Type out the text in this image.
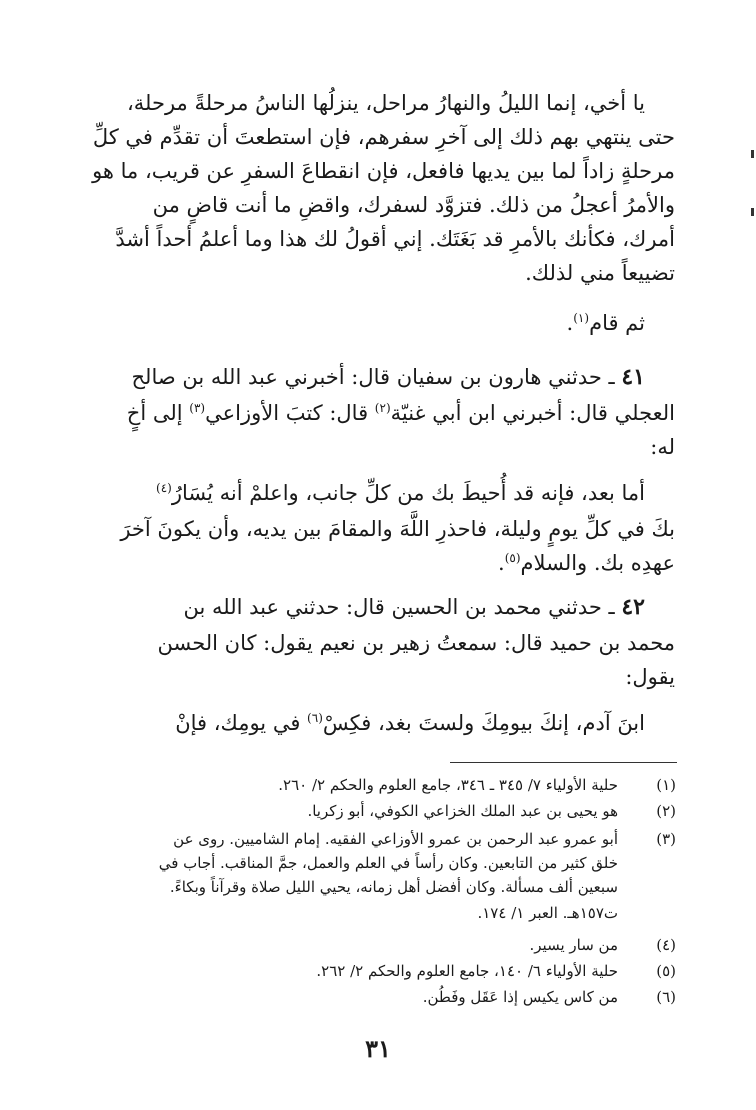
يا أخي، إنما الليلُ والنهارُ مراحل، ينزلُها الناسُ مرحلةً مرحلة،
حتى ينتهي بهم ذلك إلى آخرِ سفرهم، فإن استطعتَ أن تقدِّم في كلِّ
مرحلةٍ زاداً لما بين يديها فافعل، فإن انقطاعَ السفرِ عن قريب، ما هو
والأمرُ أعجلُ من ذلك. فتزوَّد لسفرك، واقضِ ما أنت قاضٍ من
أمرك، فكأنك بالأمرِ قد بَغَتَك. إني أقولُ لك هذا وما أعلمُ أحداً أشدَّ
تضييعاً مني لذلك.
ثم قام$^{(١)}$.
٤١ ـ حدثني هارون بن سفيان قال: أخبرني عبد الله بن صالح
العجلي قال: أخبرني ابن أبي غنيّة$^{(٢)}$ قال: كتبَ الأوزاعي$^{(٣)}$ إلى أخٍ
له:
أما بعد، فإنه قد أُحيطَ بك من كلِّ جانب، واعلمْ أنه يُسَارُ$^{(٤)}$
بكَ في كلِّ يومٍ وليلة، فاحذرِ اللَّهَ والمقامَ بين يديه، وأن يكونَ آخرَ
عهدِه بك. والسلام$^{(٥)}$.
٤٢ ـ حدثني محمد بن الحسين قال: حدثني عبد الله بن
محمد بن حميد قال: سمعتُ زهير بن نعيم يقول: كان الحسن
يقول:
ابنَ آدم، إنكَ بيومِكَ ولستَ بغد، فكِسْ$^{(٦)}$ في يومِك، فإنْ
(١)
حلية الأولياء ٧/ ٣٤٥ ـ ٣٤٦، جامع العلوم والحكم ٢/ ٢٦٠.
(٢)
هو يحيى بن عبد الملك الخزاعي الكوفي، أبو زكريا.
(٣)
أبو عمرو عبد الرحمن بن عمرو الأوزاعي الفقيه. إمام الشاميين. روى عن
خلق كثير من التابعين. وكان رأساً في العلم والعمل، جمَّ المناقب. أجاب في
سبعين ألف مسألة. وكان أفضل أهل زمانه، يحيي الليل صلاة وقرآناً وبكاءً.
ت١٥٧هـ. العبر ١/ ١٧٤.
(٤)
من سار يسير.
(٥)
حلية الأولياء ٦/ ١٤٠، جامع العلوم والحكم ٢/ ٢٦٢.
(٦)
من كاس يكيس إذا عَقَل وفَطُن.
٣١
